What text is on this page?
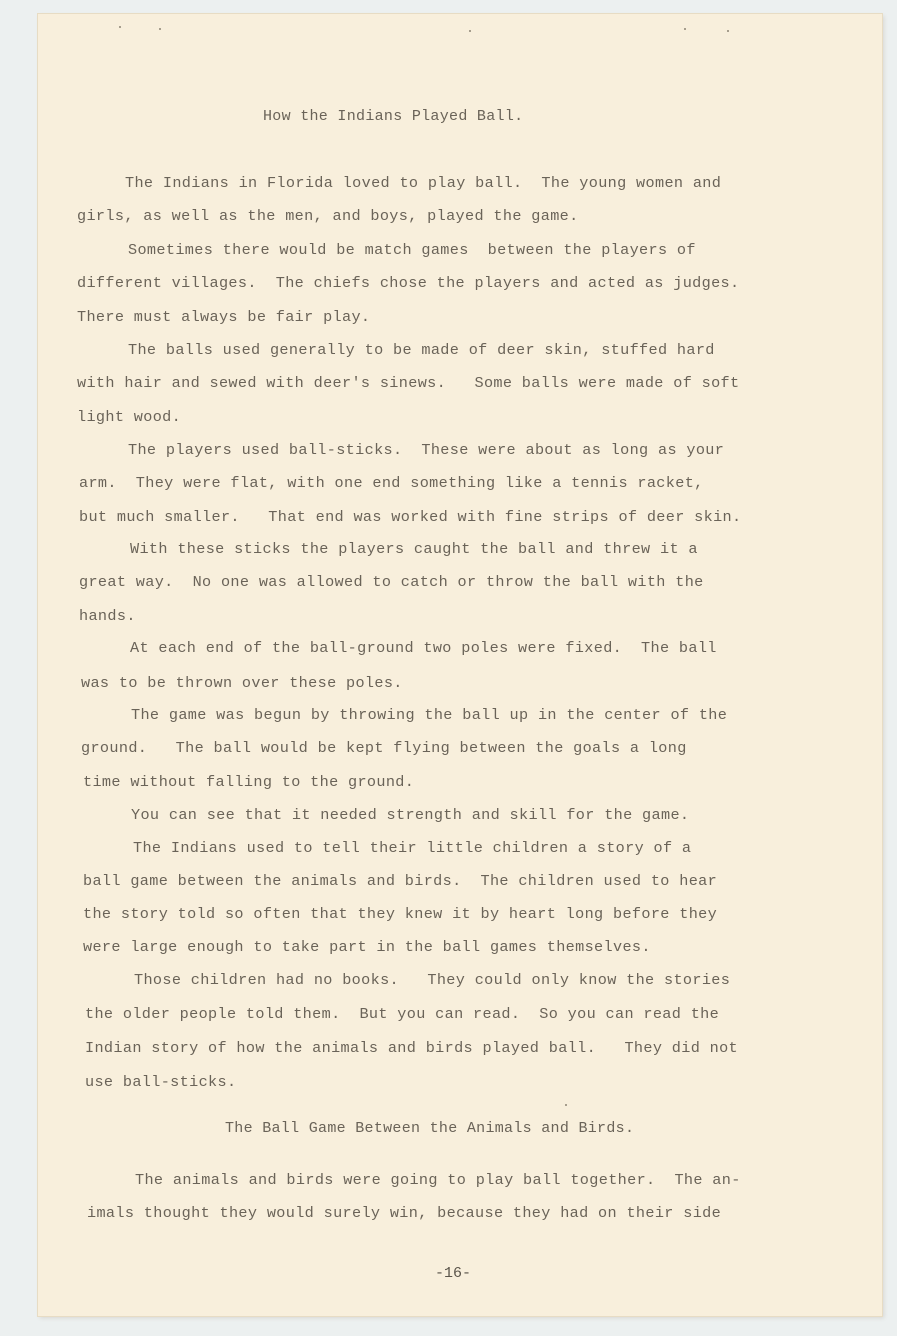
How the Indians Played Ball.
The Indians in Florida loved to play ball.  The young women and
girls, as well as the men, and boys, played the game.
Sometimes there would be match games  between the players of
different villages.  The chiefs chose the players and acted as judges.
There must always be fair play.
The balls used generally to be made of deer skin, stuffed hard
with hair and sewed with deer's sinews.   Some balls were made of soft
light wood.
The players used ball-sticks.  These were about as long as your
arm.  They were flat, with one end something like a tennis racket,
but much smaller.   That end was worked with fine strips of deer skin.
With these sticks the players caught the ball and threw it a
great way.  No one was allowed to catch or throw the ball with the
hands.
At each end of the ball-ground two poles were fixed.  The ball
was to be thrown over these poles.
The game was begun by throwing the ball up in the center of the
ground.   The ball would be kept flying between the goals a long
time without falling to the ground.
You can see that it needed strength and skill for the game.
The Indians used to tell their little children a story of a
ball game between the animals and birds.  The children used to hear
the story told so often that they knew it by heart long before they
were large enough to take part in the ball games themselves.
Those children had no books.   They could only know the stories
the older people told them.  But you can read.  So you can read the
Indian story of how the animals and birds played ball.   They did not
use ball-sticks.
The Ball Game Between the Animals and Birds.
The animals and birds were going to play ball together.  The an-
imals thought they would surely win, because they had on their side
-16-
